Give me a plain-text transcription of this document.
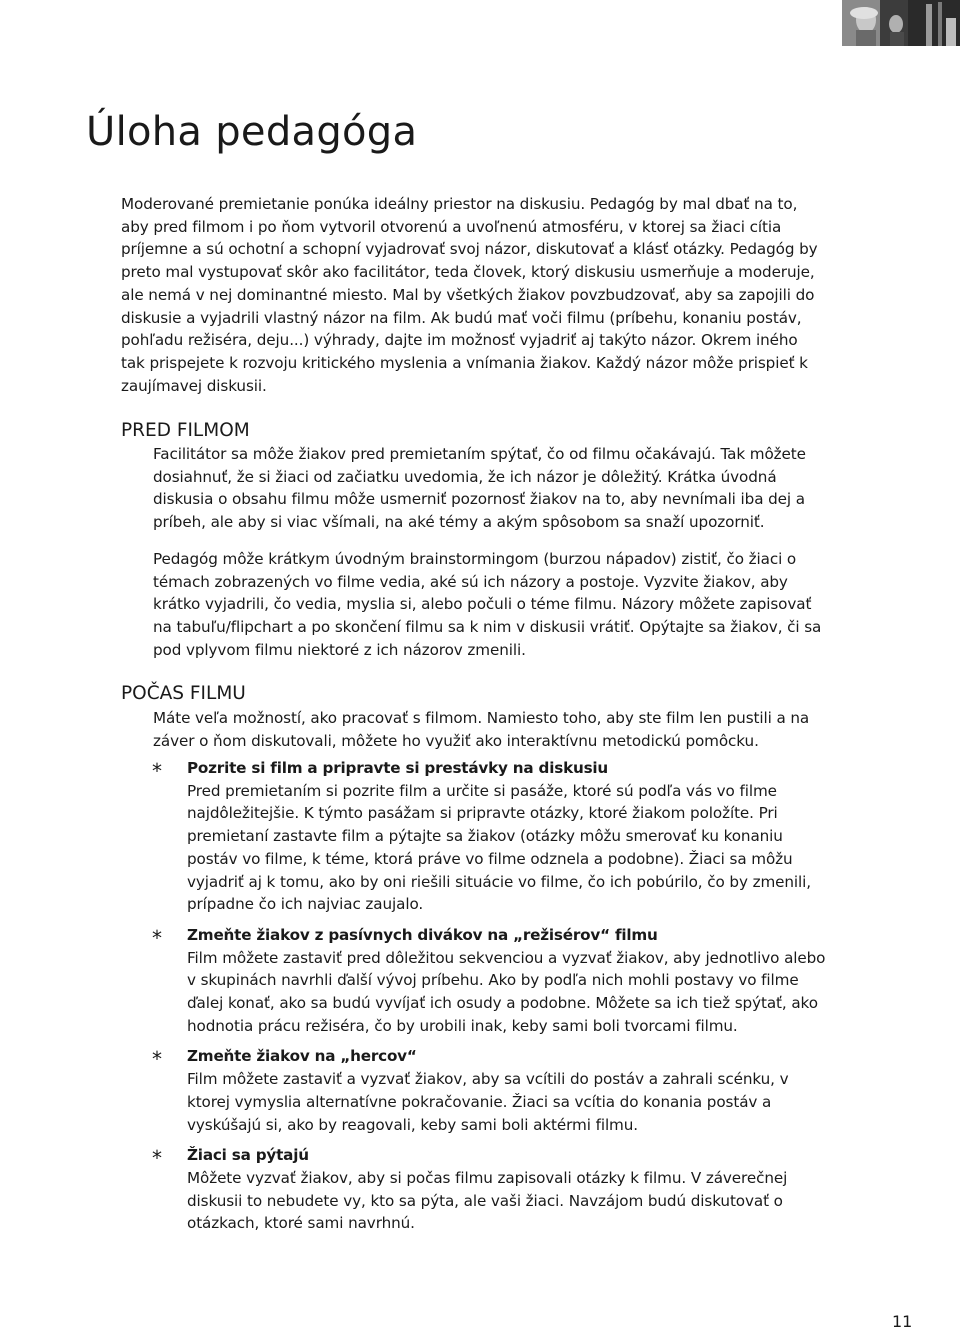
Úloha pedagóga

Moderované premietanie ponúka ideálny priestor na diskusiu. Pedagóg by mal dbať na to, aby pred filmom i po ňom vytvoril otvorenú a uvoľnenú atmosféru, v ktorej sa žiaci cítia príjemne a sú ochotní a schopní vyjadrovať svoj názor, diskutovať a klásť otázky. Pedagóg by preto mal vystupovať skôr ako facilitátor, teda človek, ktorý diskusiu usmerňuje a moderuje, ale nemá v nej dominantné miesto. Mal by všetkých žiakov povzbudzovať, aby sa zapojili do diskusie a vyjadrili vlastný názor na film. Ak budú mať voči filmu (príbehu, konaniu postáv, pohľadu režiséra, deju...) výhrady, dajte im možnosť vyjadriť aj takýto názor. Okrem iného tak prispejete k rozvoju kritického myslenia a vnímania žiakov. Každý názor môže prispieť k zaujímavej diskusii.

PRED FILMOM

Facilitátor sa môže žiakov pred premietaním spýtať, čo od filmu očakávajú. Tak môžete dosiahnuť, že si žiaci od začiatku uvedomia, že ich názor je dôležitý. Krátka úvodná diskusia o obsahu filmu môže usmerniť pozornosť žiakov na to, aby nevnímali iba dej a príbeh, ale aby si viac všímali, na aké témy a akým spôsobom sa snaží upozorniť.

Pedagóg môže krátkym úvodným brainstormingom (burzou nápadov) zistiť, čo žiaci o témach zobrazených vo filme vedia, aké sú ich názory a postoje. Vyzvite žiakov, aby krátko vyjadrili, čo vedia, myslia si, alebo počuli o téme filmu. Názory môžete zapisovať na tabuľu/flipchart a po skončení filmu sa k nim v diskusii vrátiť. Opýtajte sa žiakov, či sa pod vplyvom filmu niektoré z ich názorov zmenili.

POČAS FILMU

Máte veľa možností, ako pracovať s filmom. Namiesto toho, aby ste film len pustili a na záver o ňom diskutovali, môžete ho využiť ako interaktívnu metodickú pomôcku.

* Pozrite si film a pripravte si prestávky na diskusiu
Pred premietaním si pozrite film a určite si pasáže, ktoré sú podľa vás vo filme najdôležitejšie. K týmto pasážam si pripravte otázky, ktoré žiakom položíte. Pri premietaní zastavte film a pýtajte sa žiakov (otázky môžu smerovať ku konaniu postáv vo filme, k téme, ktorá práve vo filme odznela a podobne). Žiaci sa môžu vyjadriť aj k tomu, ako by oni riešili situácie vo filme, čo ich pobúrilo, čo by zmenili, prípadne čo ich najviac zaujalo.
* Zmeňte žiakov z pasívnych divákov na „režisérov“ filmu
Film môžete zastaviť pred dôležitou sekvenciou a vyzvať žiakov, aby jednotlivo alebo v skupinách navrhli ďalší vývoj príbehu. Ako by podľa nich mohli postavy vo filme ďalej konať, ako sa budú vyvíjať ich osudy a podobne. Môžete sa ich tiež spýtať, ako hodnotia prácu režiséra, čo by urobili inak, keby sami boli tvorcami filmu.
* Zmeňte žiakov na „hercov“
Film môžete zastaviť a vyzvať žiakov, aby sa vcítili do postáv a zahrali scénku, v ktorej vymyslia alternatívne pokračovanie. Žiaci sa vcítia do konania postáv a vyskúšajú si, ako by reagovali, keby sami boli aktérmi filmu.
* Žiaci sa pýtajú
Môžete vyzvať žiakov, aby si počas filmu zapisovali otázky k filmu. V záverečnej diskusii to nebudete vy, kto sa pýta, ale vaši žiaci. Navzájom budú diskutovať o otázkach, ktoré sami navrhnú.
11
